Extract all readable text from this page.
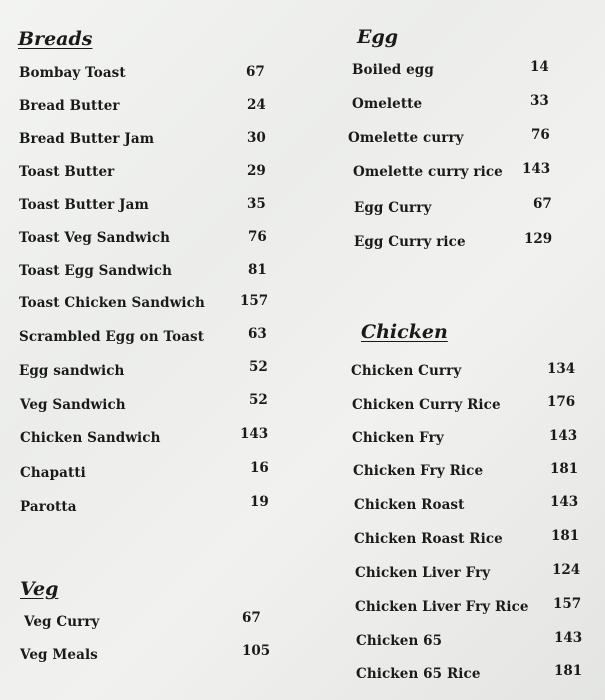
Breads
Bombay Toast	67
Bread Butter	24
Bread Butter Jam	30
Toast Butter	29
Toast Butter Jam	35
Toast Veg Sandwich	76
Toast Egg Sandwich	81
Toast Chicken Sandwich	157
Scrambled Egg on Toast	63
Egg sandwich	52
Veg Sandwich	52
Chicken Sandwich	143
Chapatti	16
Parotta	19
Veg
Veg Curry	67
Veg Meals	105
Egg
Boiled egg	14
Omelette	33
Omelette curry	76
Omelette curry rice 143
Egg Curry	67
Egg Curry rice	129
Chicken
Chicken Curry	134
Chicken Curry Rice	176
Chicken Fry	143
Chicken Fry Rice	181
Chicken Roast	143
Chicken Roast Rice	181
Chicken Liver Fry	124
Chicken Liver Fry Rice 157
Chicken 65	143
Chicken 65 Rice	181
